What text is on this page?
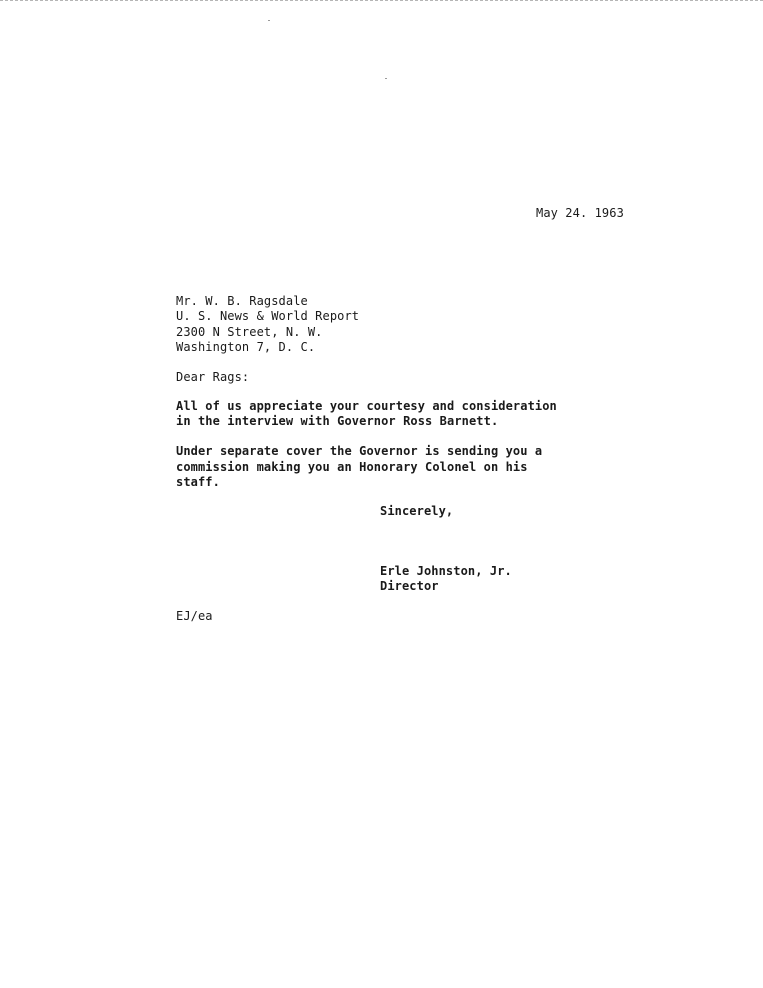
May 24. 1963
Mr. W. B. Ragsdale
U. S. News & World Report
2300 N Street, N. W.
Washington 7, D. C.
Dear Rags:
All of us appreciate your courtesy and consideration
in the interview with Governor Ross Barnett.
Under separate cover the Governor is sending you a
commission making you an Honorary Colonel on his
staff.
Sincerely,
Erle Johnston, Jr.
Director
EJ/ea
